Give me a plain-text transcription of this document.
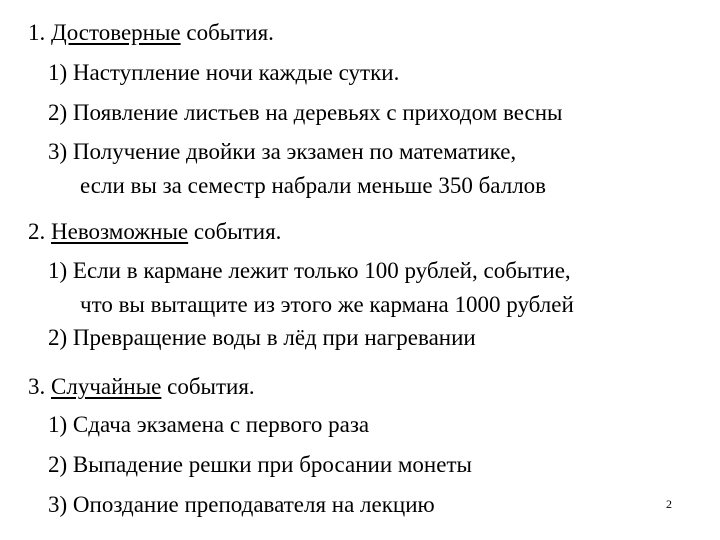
1. Достоверные события.
1) Наступление ночи каждые сутки.
2) Появление листьев на деревьях с приходом весны
3) Получение двойки за экзамен по математике,
если вы за семестр набрали меньше 350 баллов
2. Невозможные события.
1) Если в кармане лежит только 100 рублей, событие,
что вы вытащите из этого же кармана 1000 рублей
2) Превращение воды в лёд при нагревании
3. Случайные события.
1) Сдача экзамена с первого раза
2) Выпадение решки при бросании монеты
3) Опоздание преподавателя на лекцию	2
